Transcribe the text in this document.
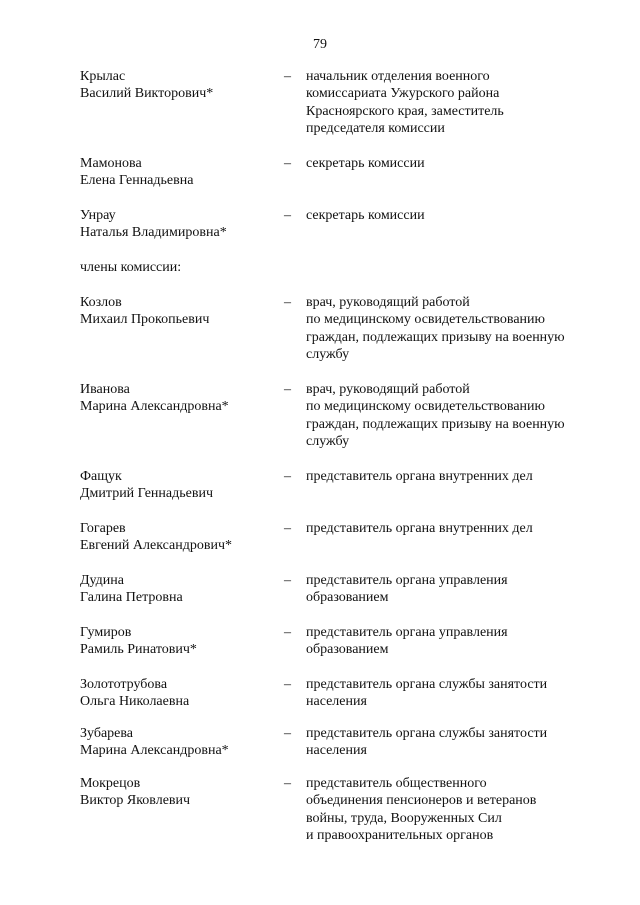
79
Крылас
Василий Викторович*
– начальник отделения военного
комиссариата Ужурского района
Красноярского края, заместитель
председателя комиссии
Мамонова
Елена Геннадьевна
– секретарь комиссии
Унрау
Наталья Владимировна*
– секретарь комиссии
члены комиссии:
Козлов
Михаил Прокопьевич
– врач, руководящий работой
по медицинскому освидетельствованию
граждан, подлежащих призыву на военную
службу
Иванова
Марина Александровна*
– врач, руководящий работой
по медицинскому освидетельствованию
граждан, подлежащих призыву на военную
службу
Фащук
Дмитрий Геннадьевич
– представитель органа внутренних дел
Гогарев
Евгений Александрович*
– представитель органа внутренних дел
Дудина
Галина Петровна
– представитель органа управления
образованием
Гумиров
Рамиль Ринатович*
– представитель органа управления
образованием
Золототрубова
Ольга Николаевна
– представитель органа службы занятости
населения
Зубарева
Марина Александровна*
– представитель органа службы занятости
населения
Мокрецов
Виктор Яковлевич
– представитель общественного
объединения пенсионеров и ветеранов
войны, труда, Вооруженных Сил
и правоохранительных органов
